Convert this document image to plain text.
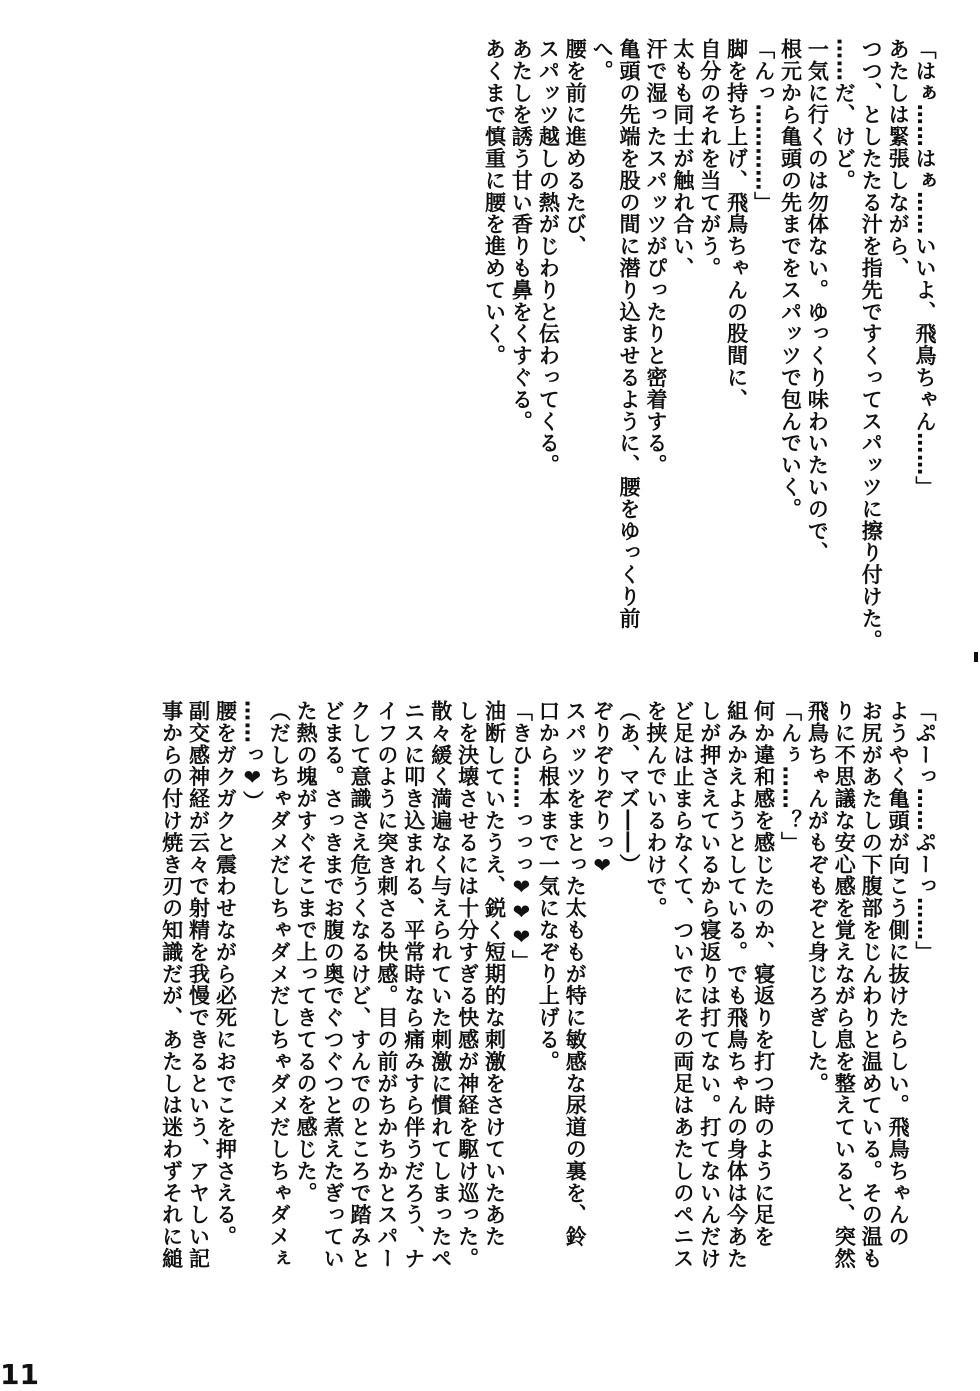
「はぁ……はぁ……いいよ、飛鳥ちゃん……」

あたしは緊張しながら、

つつ、としたたる汁を指先ですくってスパッツに擦り付けた。

……だ、けど。

一気に行くのは勿体ない。ゆっくり味わいたいので、

根元から亀頭の先までをスパッツで包んでいく。

「んっ…………」

脚を持ち上げ、飛鳥ちゃんの股間に、

自分のそれを当てがう。

太もも同士が触れ合い、

汗で湿ったスパッツがぴったりと密着する。

亀頭の先端を股の間に潜り込ませるように、腰をゆっくり前へ。

腰を前に進めるたび、

スパッツ越しの熱がじわりと伝わってくる。

あたしを誘う甘い香りも鼻をくすぐる。

あくまで慎重に腰を進めていく。

「ぷーっ……ぷーっ……」

ようやく亀頭が向こう側に抜けたらしい。飛鳥ちゃんの

お尻があたしの下腹部をじんわりと温めている。その温も

りに不思議な安心感を覚えながら息を整えていると、突然

飛鳥ちゃんがもぞもぞと身じろぎした。

「んぅ……？」

何か違和感を感じたのか、寝返りを打つ時のように足を

組みかえようとしている。でも飛鳥ちゃんの身体は今あた

しが押さえているから寝返りは打てない。打てないんだけ

ど足は止まらなくて、ついでにその両足はあたしのペニス

を挟んでいるわけで。

（あ、マズ――）

ぞりぞりぞりっ❤

スパッツをまとった太ももが特に敏感な尿道の裏を、鈴

口から根本まで一気になぞり上げる。

「きひ……っっっ❤❤❤」

油断していたうえ、鋭く短期的な刺激をさけていたあた

しを決壊させるには十分すぎる快感が神経を駆け巡った。

散々緩く満遍なく与えられていた刺激に慣れてしまったペ

ニスに叩き込まれる、平常時なら痛みすら伴うだろう、ナ

イフのように突き刺さる快感。目の前がちかちかとスパー

クして意識さえ危うくなるけど、すんでのところで踏みと

どまる。さっきまでお腹の奥でぐつぐつと煮えたぎってい

た熱の塊がすぐそこまで上ってきてるのを感じた。

（だしちゃダメだしちゃダメだしちゃダメだしちゃダメぇ

……っ❤）

腰をガクガクと震わせながら必死におでこを押さえる。

副交感神経が云々で射精を我慢できるという、アヤしい記

事からの付け焼き刃の知識だが、あたしは迷わずそれに縋

11
